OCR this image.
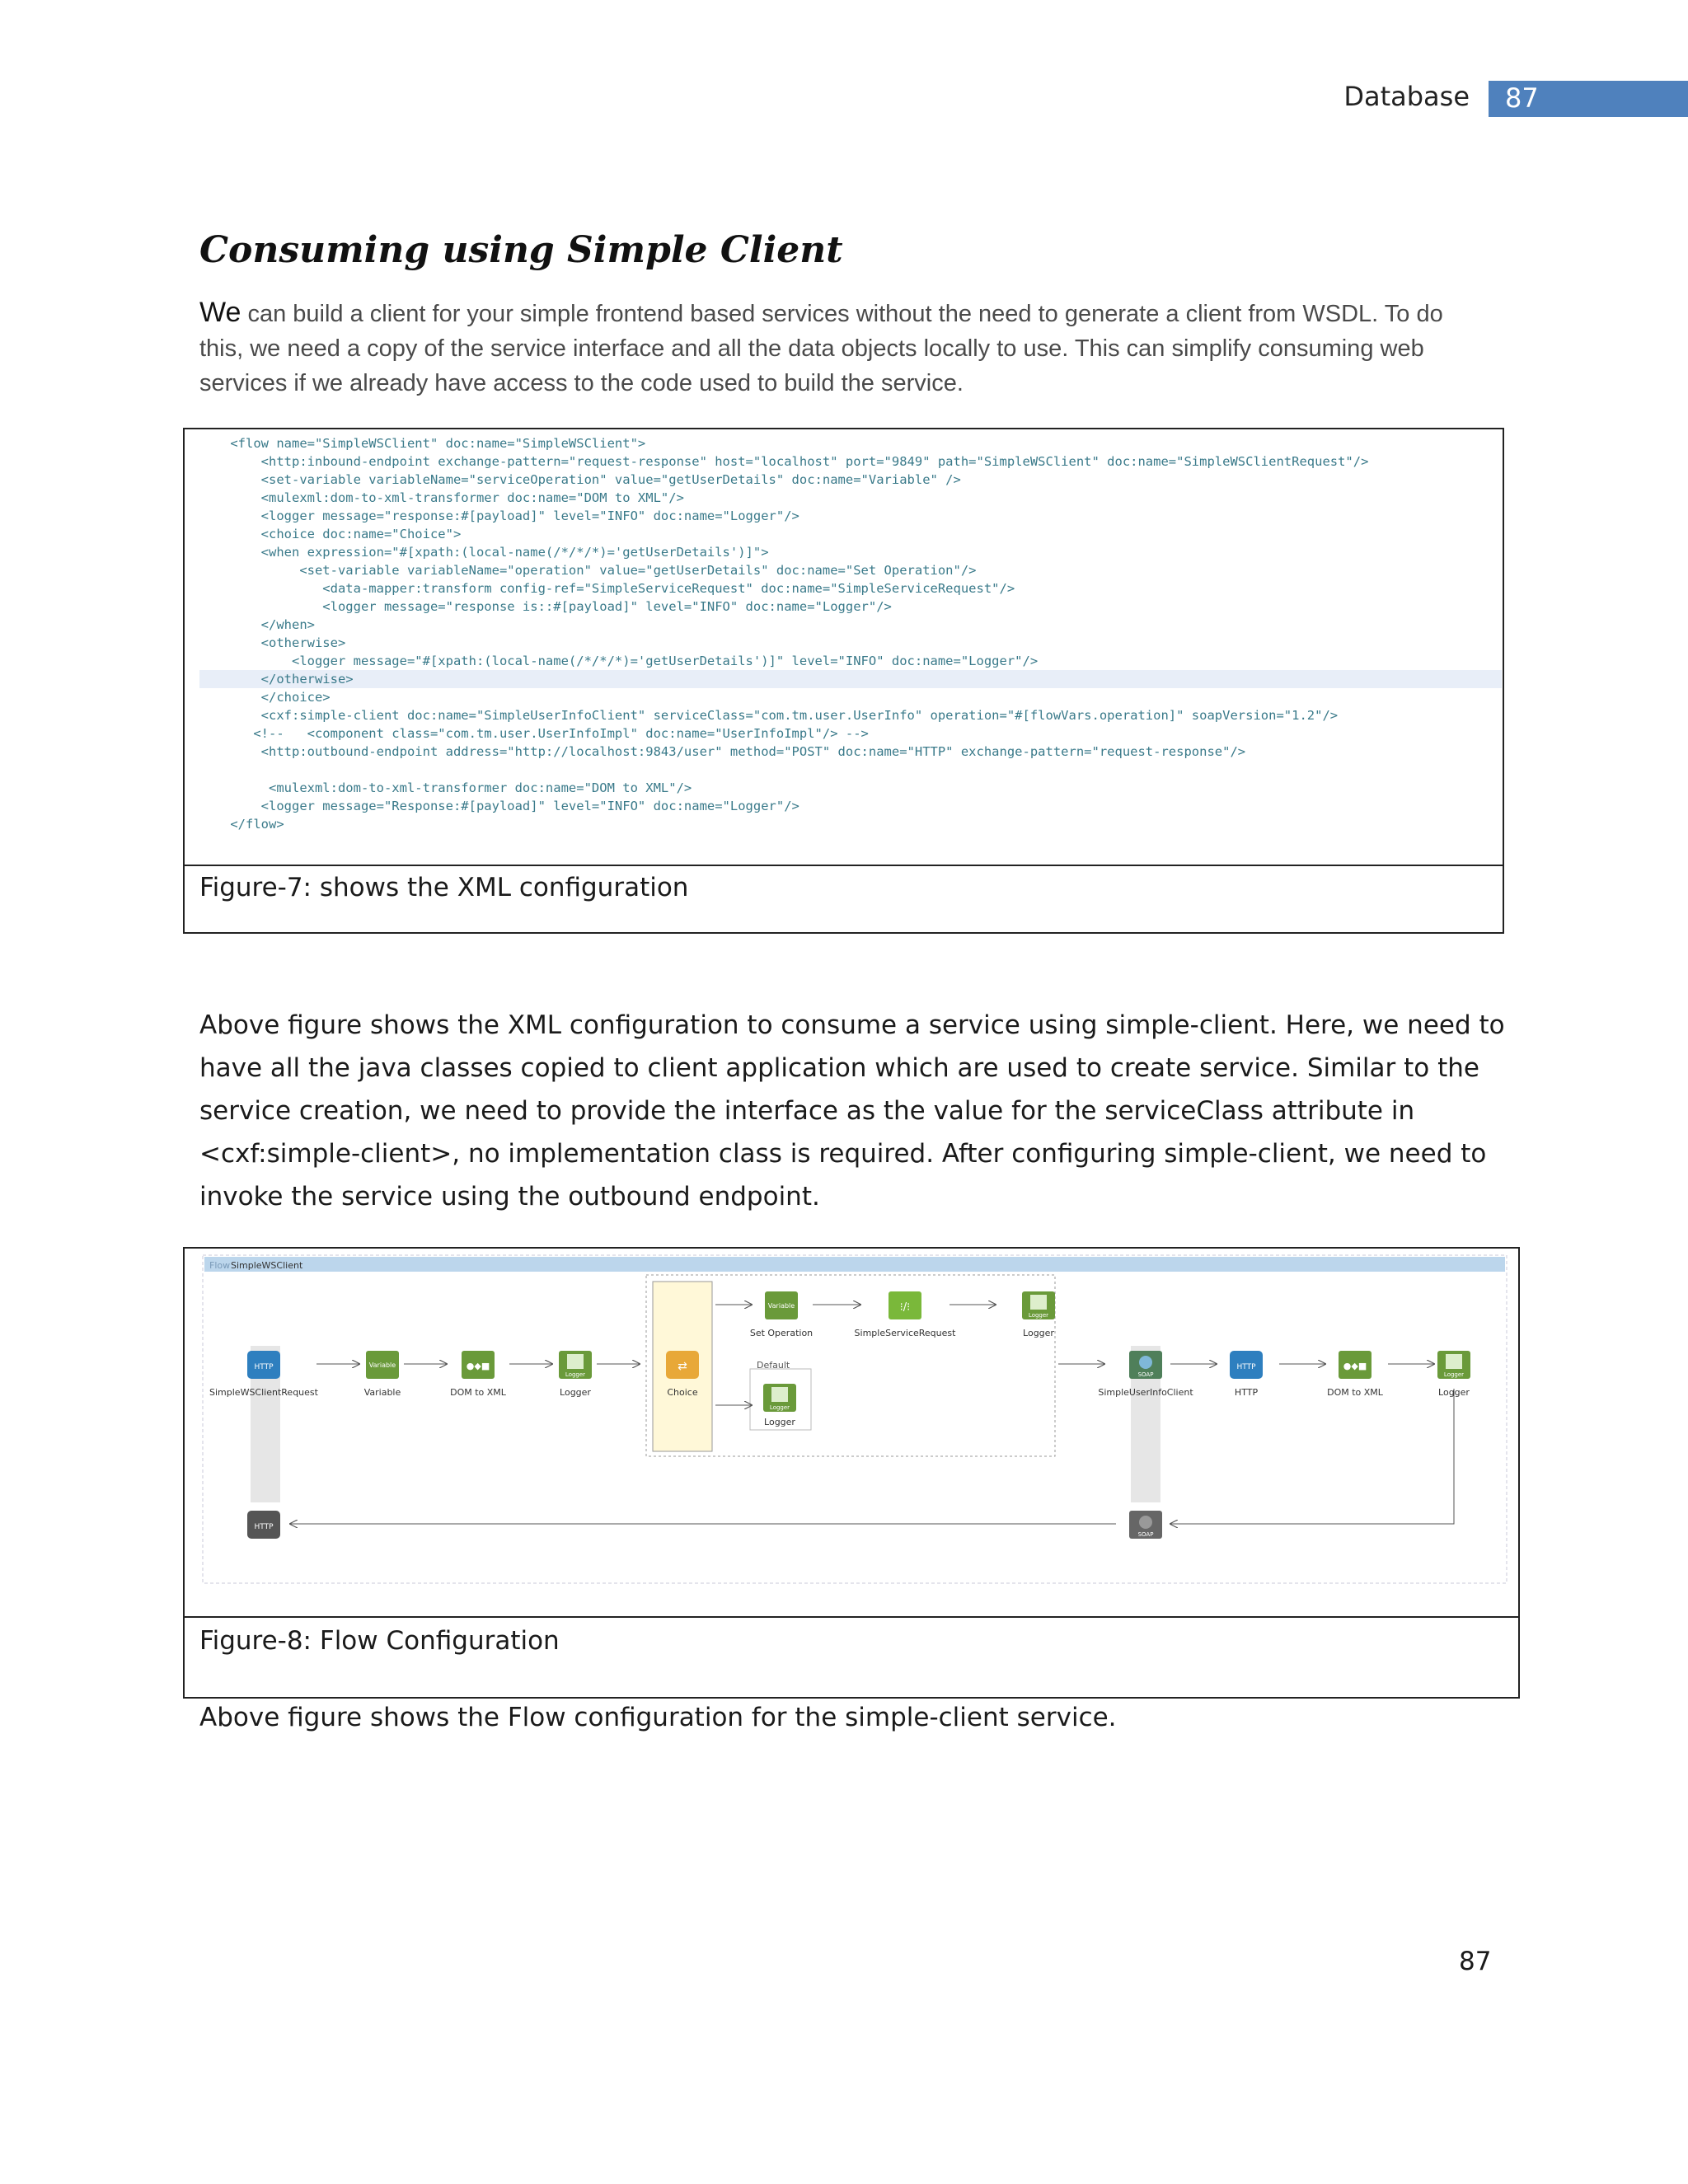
Database 87
Consuming using Simple Client
We can build a client for your simple frontend based services without the need to generate a client from WSDL. To do this, we need a copy of the service interface and all the data objects locally to use. This can simplify consuming web services if we already have access to the code used to build the service.
<flow name="SimpleWSClient" doc:name="SimpleWSClient">
<http:inbound-endpoint exchange-pattern="request-response" host="localhost" port="9849" path="SimpleWSClient" doc:name="SimpleWSClientRequest"/>
<set-variable variableName="serviceOperation" value="getUserDetails" doc:name="Variable" />
<mulexml:dom-to-xml-transformer doc:name="DOM to XML"/>
<logger message="response:#[payload]" level="INFO" doc:name="Logger"/>
<choice doc:name="Choice">
<when expression="#[xpath:(local-name(/*/*/*)='getUserDetails')]">
<set-variable variableName="operation" value="getUserDetails" doc:name="Set Operation"/>
<data-mapper:transform config-ref="SimpleServiceRequest" doc:name="SimpleServiceRequest"/>
<logger message="response is::#[payload]" level="INFO" doc:name="Logger"/>
</when>
<otherwise>
<logger message="#[xpath:(local-name(/*/*/*)='getUserDetails')]" level="INFO" doc:name="Logger"/>
</otherwise>
</choice>
<cxf:simple-client doc:name="SimpleUserInfoClient" serviceClass="com.tm.user.UserInfo" operation="#[flowVars.operation]" soapVersion="1.2"/>
<!--   <component class="com.tm.user.UserInfoImpl" doc:name="UserInfoImpl"/> -->
<http:outbound-endpoint address="http://localhost:9843/user" method="POST" doc:name="HTTP" exchange-pattern="request-response"/>
<mulexml:dom-to-xml-transformer doc:name="DOM to XML"/>
<logger message="Response:#[payload]" level="INFO" doc:name="Logger"/>
</flow>
Figure-7: shows the XML configuration
Above figure shows the XML configuration to consume a service using simple-client. Here, we need to
have all the java classes copied to client application which are used to create service. Similar to the
service creation, we need to provide the interface as the value for the serviceClass attribute in
<cxf:simple-client>, no implementation class is required. After configuring simple-client, we need to
invoke the service using the outbound endpoint.
Flow SimpleWSClient
HTTP
SimpleWSClientRequest
Variable
Variable
●◆■
DOM to XML
Logger
Logger
⇄
Choice
Variable
Set Operation
⁝/⁝
SimpleServiceRequest
Logger
Logger
Default
Logger
Logger
SOAP
SimpleUserInfoClient
HTTP
HTTP
●◆■
DOM to XML
Logger
Logger
HTTP
SOAP
Figure-8: Flow Configuration
Above figure shows the Flow configuration for the simple-client service.
87
